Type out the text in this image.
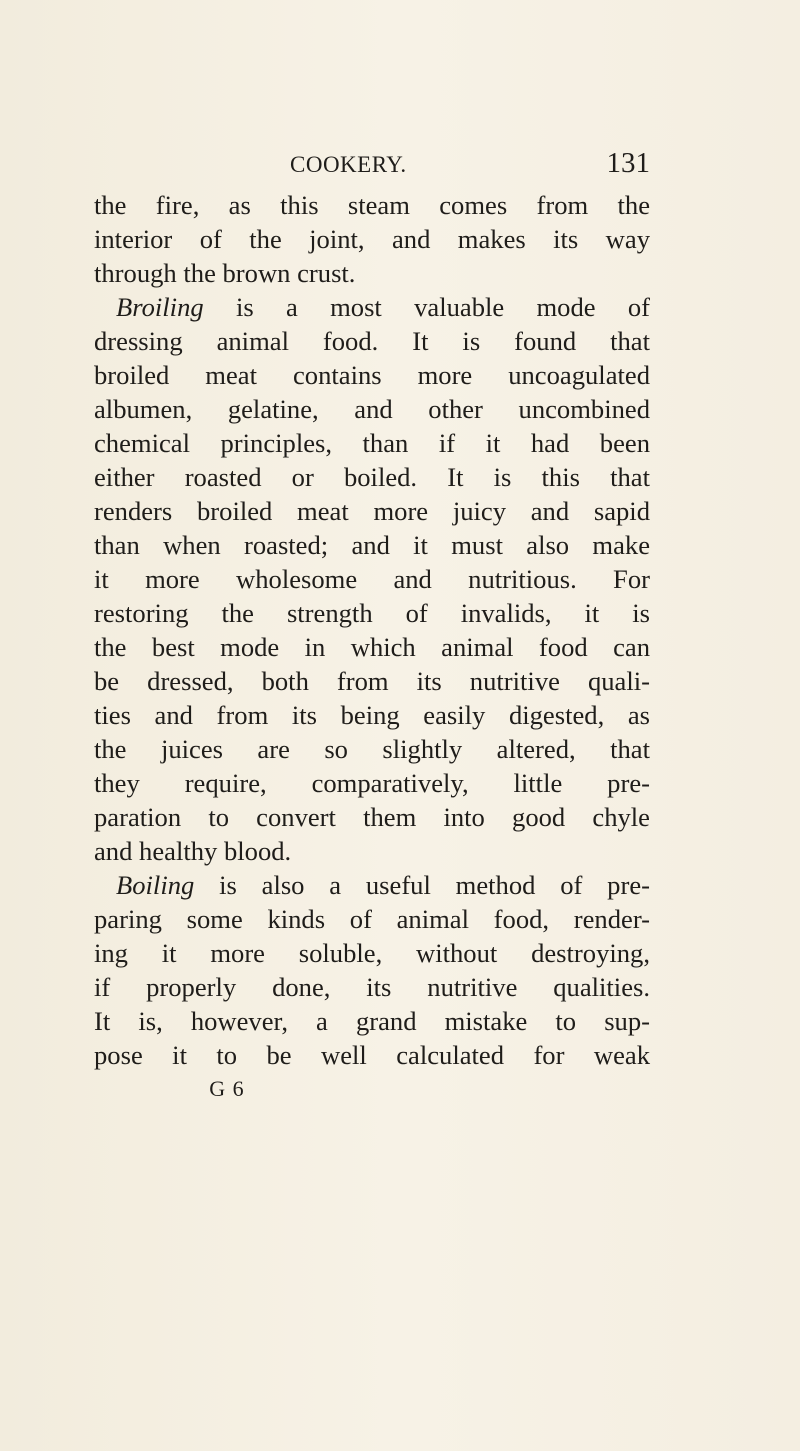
COOKERY.	131
the fire, as this steam comes from the
interior of the joint, and makes its way
through the brown crust.
Broiling is a most valuable mode of
dressing animal food. It is found that
broiled meat contains more uncoagulated
albumen, gelatine, and other uncombined
chemical principles, than if it had been
either roasted or boiled. It is this that
renders broiled meat more juicy and sapid
than when roasted; and it must also make
it more wholesome and nutritious. For
restoring the strength of invalids, it is
the best mode in which animal food can
be dressed, both from its nutritive quali-
ties and from its being easily digested, as
the juices are so slightly altered, that
they require, comparatively, little pre-
paration to convert them into good chyle
and healthy blood.
Boiling is also a useful method of pre-
paring some kinds of animal food, render-
ing it more soluble, without destroying,
if properly done, its nutritive qualities.
It is, however, a grand mistake to sup-
pose it to be well calculated for weak
G 6
